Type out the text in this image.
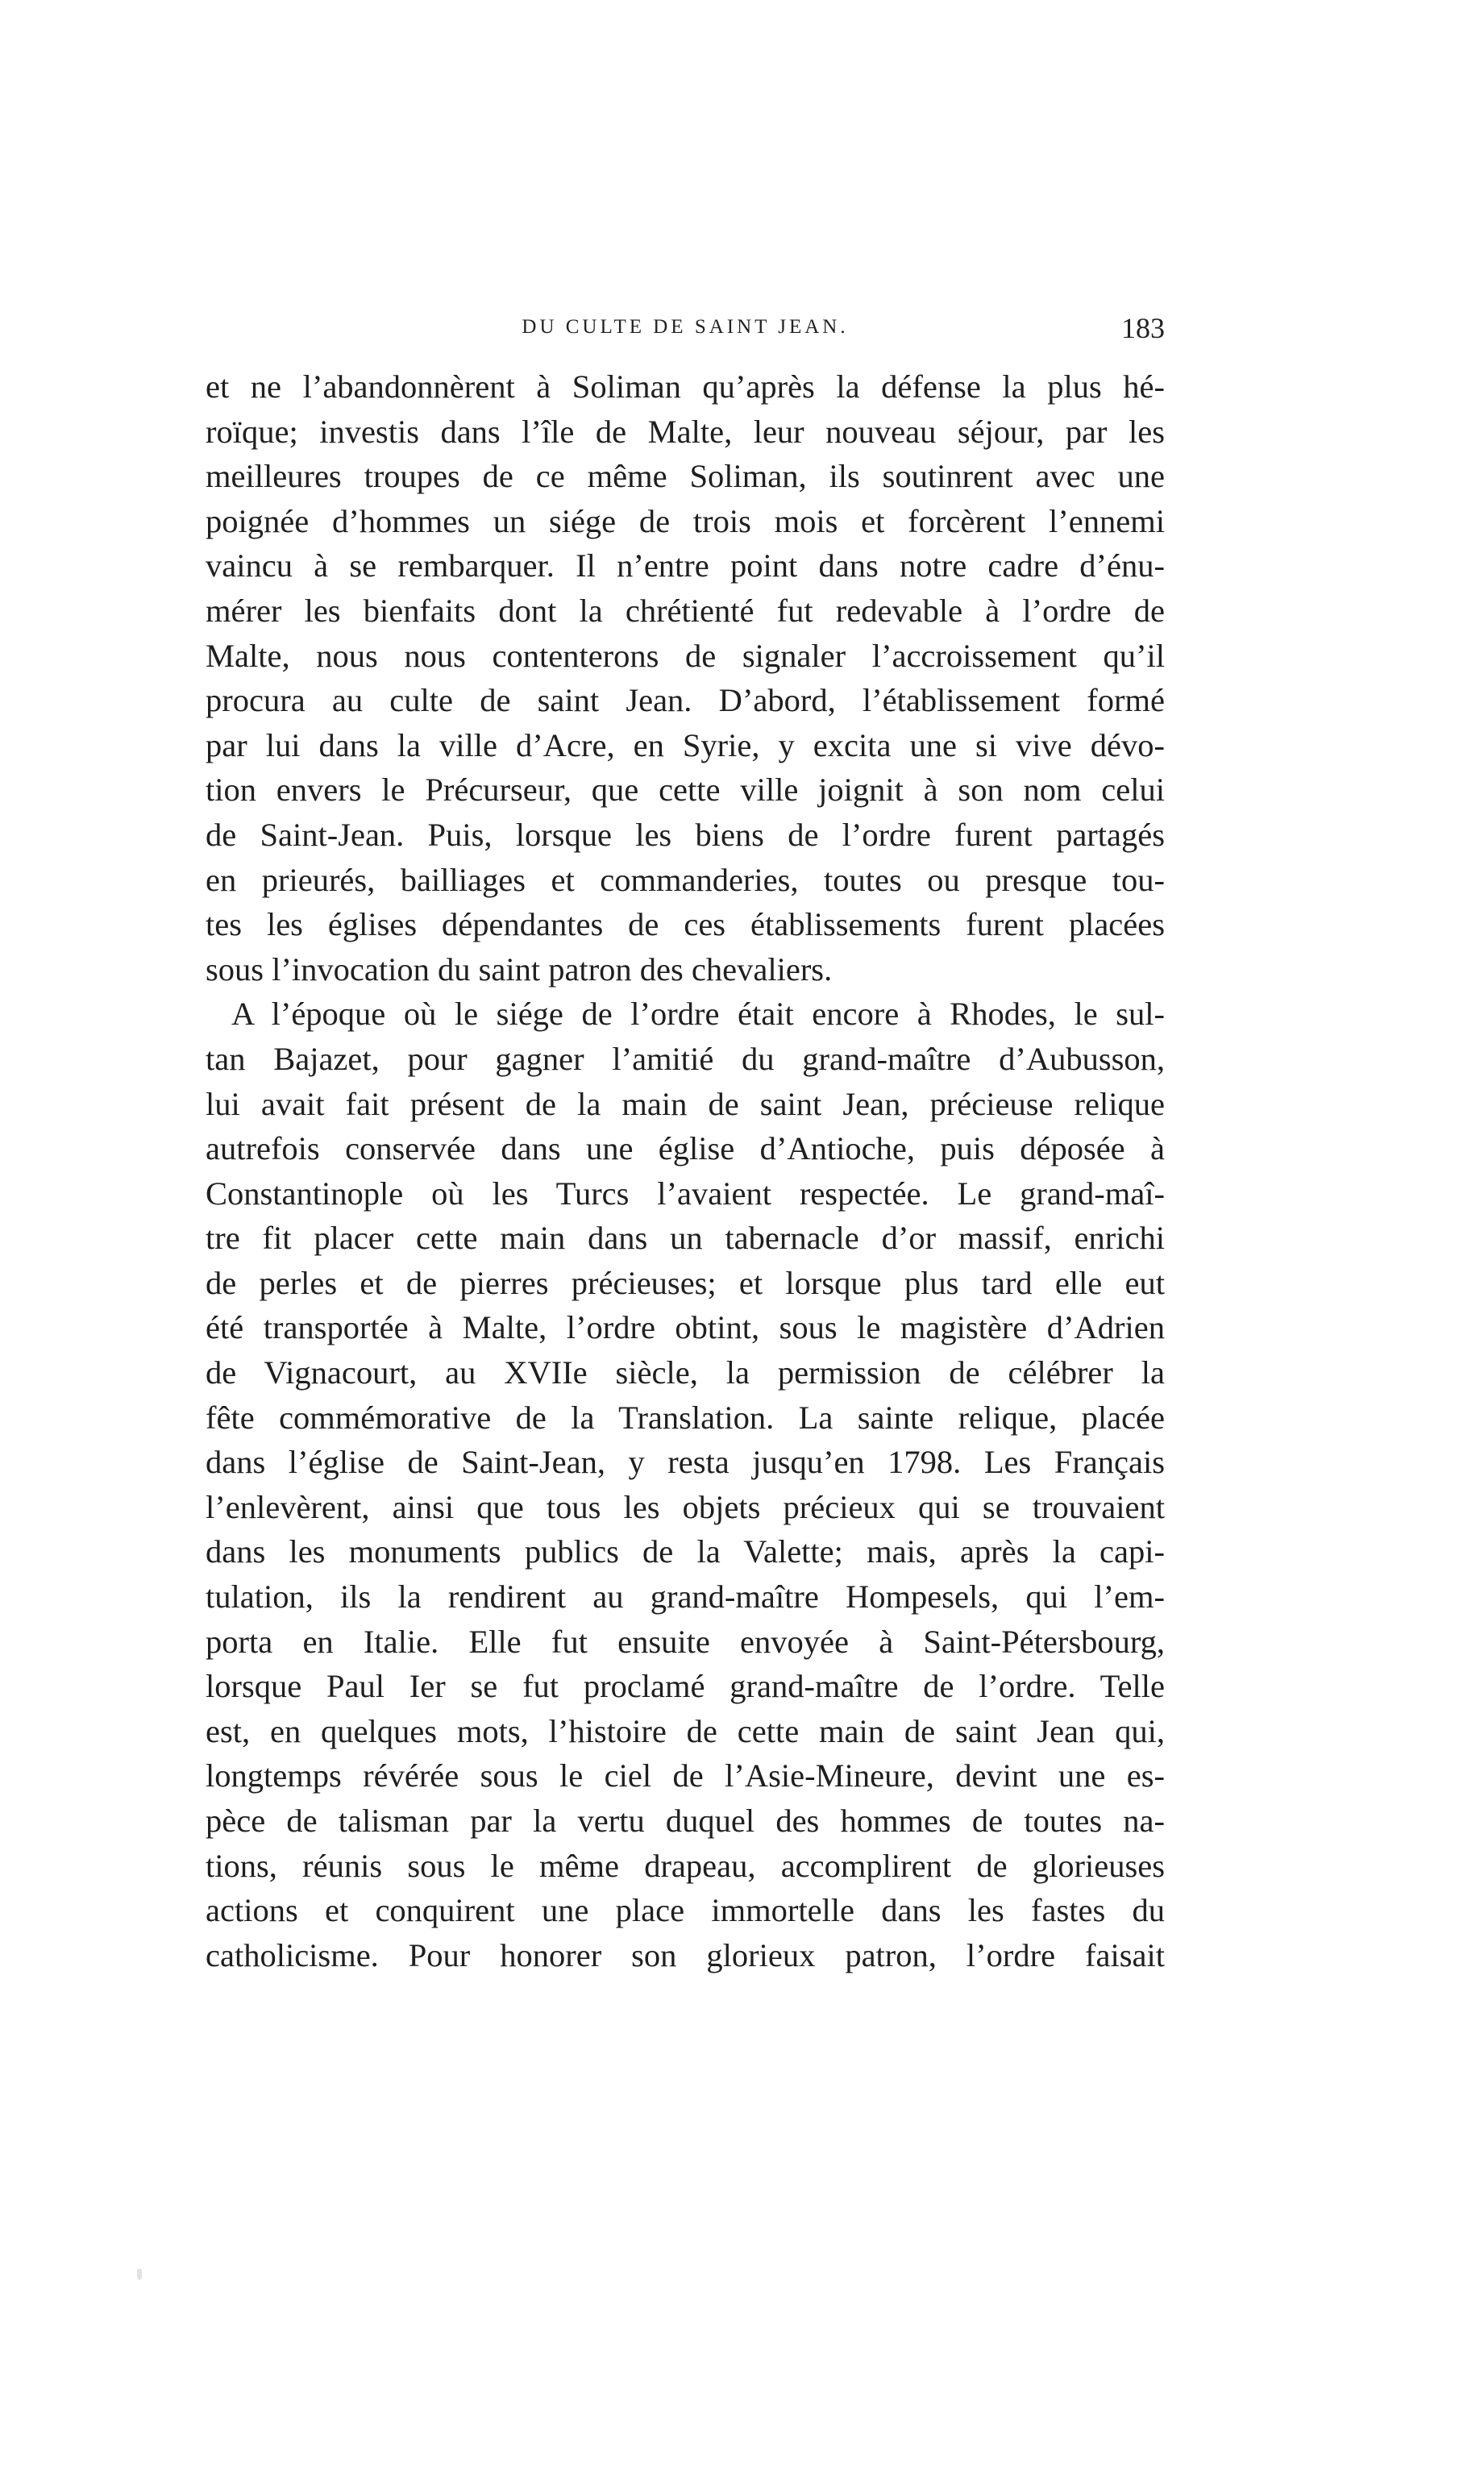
DU CULTE DE SAINT JEAN.	183
et ne l’abandonnèrent à Soliman qu’après la défense la plus hé-
roïque; investis dans l’île de Malte, leur nouveau séjour, par les
meilleures troupes de ce même Soliman, ils soutinrent avec une
poignée d’hommes un siége de trois mois et forcèrent l’ennemi
vaincu à se rembarquer. Il n’entre point dans notre cadre d’énu-
mérer les bienfaits dont la chrétienté fut redevable à l’ordre de
Malte, nous nous contenterons de signaler l’accroissement qu’il
procura au culte de saint Jean. D’abord, l’établissement formé
par lui dans la ville d’Acre, en Syrie, y excita une si vive dévo-
tion envers le Précurseur, que cette ville joignit à son nom celui
de Saint-Jean. Puis, lorsque les biens de l’ordre furent partagés
en prieurés, bailliages et commanderies, toutes ou presque tou-
tes les églises dépendantes de ces établissements furent placées
sous l’invocation du saint patron des chevaliers.
A l’époque où le siége de l’ordre était encore à Rhodes, le sul-
tan Bajazet, pour gagner l’amitié du grand-maître d’Aubusson,
lui avait fait présent de la main de saint Jean, précieuse relique
autrefois conservée dans une église d’Antioche, puis déposée à
Constantinople où les Turcs l’avaient respectée. Le grand-maî-
tre fit placer cette main dans un tabernacle d’or massif, enrichi
de perles et de pierres précieuses; et lorsque plus tard elle eut
été transportée à Malte, l’ordre obtint, sous le magistère d’Adrien
de Vignacourt, au XVIIe siècle, la permission de célébrer la
fête commémorative de la Translation. La sainte relique, placée
dans l’église de Saint-Jean, y resta jusqu’en 1798. Les Français
l’enlevèrent, ainsi que tous les objets précieux qui se trouvaient
dans les monuments publics de la Valette; mais, après la capi-
tulation, ils la rendirent au grand-maître Hompesels, qui l’em-
porta en Italie. Elle fut ensuite envoyée à Saint-Pétersbourg,
lorsque Paul Ier se fut proclamé grand-maître de l’ordre. Telle
est, en quelques mots, l’histoire de cette main de saint Jean qui,
longtemps révérée sous le ciel de l’Asie-Mineure, devint une es-
pèce de talisman par la vertu duquel des hommes de toutes na-
tions, réunis sous le même drapeau, accomplirent de glorieuses
actions et conquirent une place immortelle dans les fastes du
catholicisme. Pour honorer son glorieux patron, l’ordre faisait
